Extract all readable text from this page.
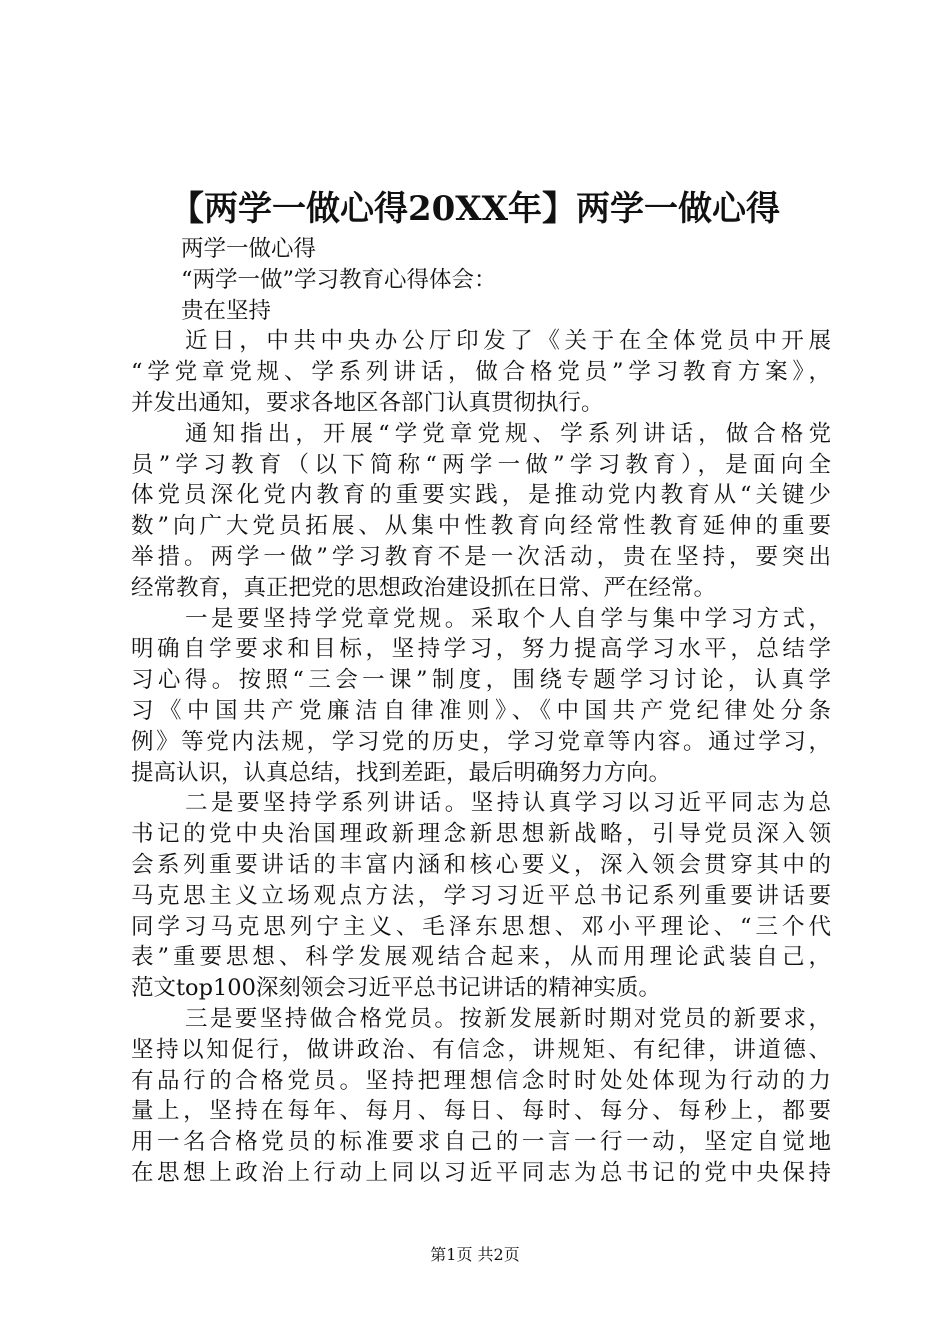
【两学一做心得20XX年】两学一做心得
两学一做心得
“两学一做”学习教育心得体会：
贵在坚持
近日，中共中央办公厅印发了《关于在全体党员中开展
“学党章党规、学系列讲话，做合格党员”学习教育方案》，
并发出通知，要求各地区各部门认真贯彻执行。
通知指出，开展“学党章党规、学系列讲话，做合格党
员”学习教育（以下简称“两学一做”学习教育），是面向全
体党员深化党内教育的重要实践，是推动党内教育从“关键少
数”向广大党员拓展、从集中性教育向经常性教育延伸的重要
举措。两学一做”学习教育不是一次活动，贵在坚持，要突出
经常教育，真正把党的思想政治建设抓在日常、严在经常。
一是要坚持学党章党规。采取个人自学与集中学习方式，
明确自学要求和目标，坚持学习，努力提高学习水平，总结学
习心得。按照“三会一课”制度，围绕专题学习讨论，认真学
习《中国共产党廉洁自律准则》、《中国共产党纪律处分条
例》等党内法规，学习党的历史，学习党章等内容。通过学习，
提高认识，认真总结，找到差距，最后明确努力方向。
二是要坚持学系列讲话。坚持认真学习以习近平同志为总
书记的党中央治国理政新理念新思想新战略，引导党员深入领
会系列重要讲话的丰富内涵和核心要义，深入领会贯穿其中的
马克思主义立场观点方法，学习习近平总书记系列重要讲话要
同学习马克思列宁主义、毛泽东思想、邓小平理论、“三个代
表”重要思想、科学发展观结合起来，从而用理论武装自己，
范文top100深刻领会习近平总书记讲话的精神实质。
三是要坚持做合格党员。按新发展新时期对党员的新要求，
坚持以知促行，做讲政治、有信念，讲规矩、有纪律，讲道德、
有品行的合格党员。坚持把理想信念时时处处体现为行动的力
量上，坚持在每年、每月、每日、每时、每分、每秒上，都要
用一名合格党员的标准要求自己的一言一行一动，坚定自觉地
在思想上政治上行动上同以习近平同志为总书记的党中央保持
第1页 共2页
